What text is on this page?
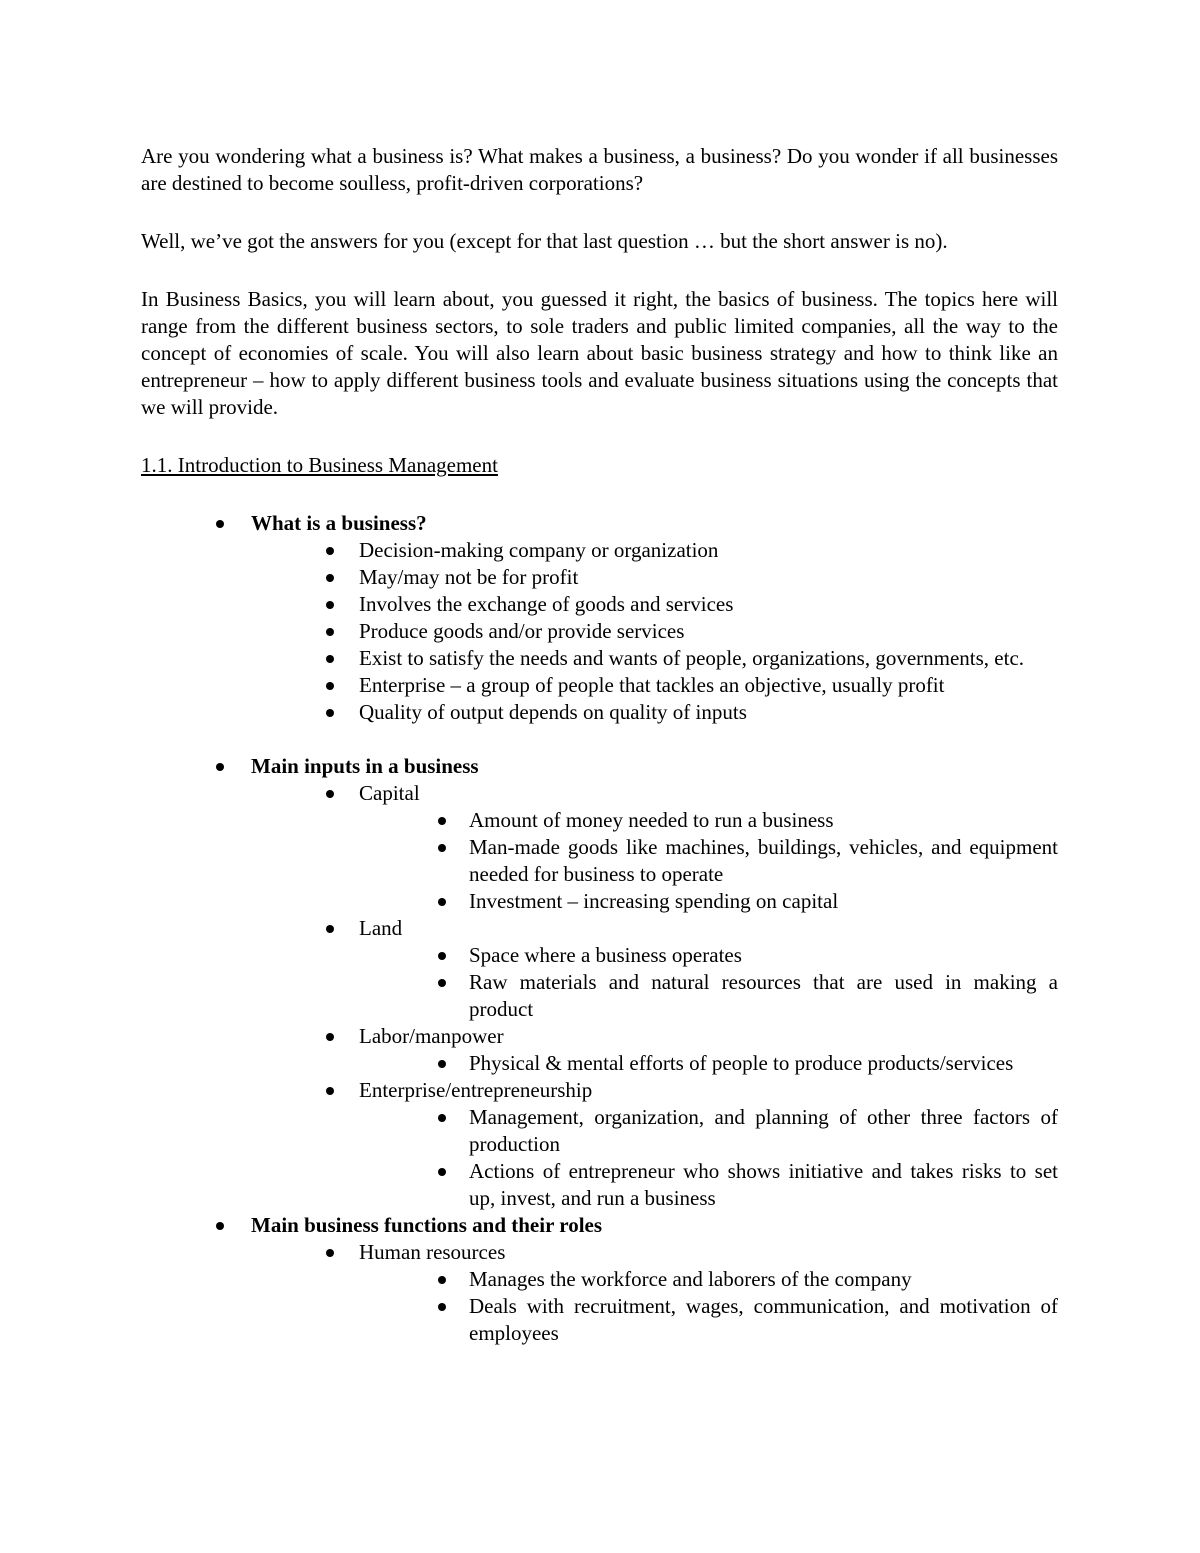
Are you wondering what a business is? What makes a business, a business? Do you wonder if all businesses are destined to become soulless, profit-driven corporations?

Well, we’ve got the answers for you (except for that last question … but the short answer is no).

In Business Basics, you will learn about, you guessed it right, the basics of business. The topics here will range from the different business sectors, to sole traders and public limited companies, all the way to the concept of economies of scale. You will also learn about basic business strategy and how to think like an entrepreneur – how to apply different business tools and evaluate business situations using the concepts that we will provide.

1.1. Introduction to Business Management

What is a business?
Decision-making company or organization
May/may not be for profit
Involves the exchange of goods and services
Produce goods and/or provide services
Exist to satisfy the needs and wants of people, organizations, governments, etc.
Enterprise – a group of people that tackles an objective, usually profit
Quality of output depends on quality of inputs
Main inputs in a business
Capital
Amount of money needed to run a business
Man-made goods like machines, buildings, vehicles, and equipment needed for business to operate
Investment – increasing spending on capital
Land
Space where a business operates
Raw materials and natural resources that are used in making a product
Labor/manpower
Physical & mental efforts of people to produce products/services
Enterprise/entrepreneurship
Management, organization, and planning of other three factors of production
Actions of entrepreneur who shows initiative and takes risks to set up, invest, and run a business
Main business functions and their roles
Human resources
Manages the workforce and laborers of the company
Deals with recruitment, wages, communication, and motivation of employees
